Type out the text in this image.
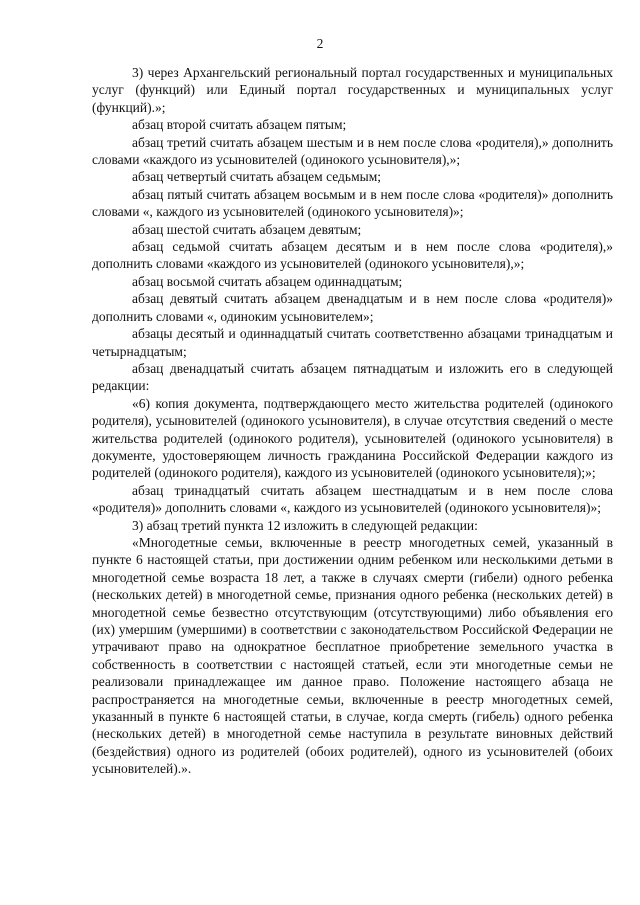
2

3) через Архангельский региональный портал государственных и муниципальных услуг (функций) или Единый портал государственных и муниципальных услуг (функций).»;

абзац второй считать абзацем пятым;

абзац третий считать абзацем шестым и в нем после слова «родителя),» дополнить словами «каждого из усыновителей (одинокого усыновителя),»;

абзац четвертый считать абзацем седьмым;

абзац пятый считать абзацем восьмым и в нем после слова «родителя)» дополнить словами «, каждого из усыновителей (одинокого усыновителя)»;

абзац шестой считать абзацем девятым;

абзац седьмой считать абзацем десятым и в нем после слова «родителя),» дополнить словами «каждого из усыновителей (одинокого усыновителя),»;

абзац восьмой считать абзацем одиннадцатым;

абзац девятый считать абзацем двенадцатым и в нем после слова «родителя)» дополнить словами «, одиноким усыновителем»;

абзацы десятый и одиннадцатый считать соответственно абзацами тринадцатым и четырнадцатым;

абзац двенадцатый считать абзацем пятнадцатым и изложить его в следующей редакции:

«6) копия документа, подтверждающего место жительства родителей (одинокого родителя), усыновителей (одинокого усыновителя), в случае отсутствия сведений о месте жительства родителей (одинокого родителя), усыновителей (одинокого усыновителя) в документе, удостоверяющем личность гражданина Российской Федерации каждого из родителей (одинокого родителя), каждого из усыновителей (одинокого усыновителя);»;

абзац тринадцатый считать абзацем шестнадцатым и в нем после слова «родителя)» дополнить словами «, каждого из усыновителей (одинокого усыновителя)»;

3) абзац третий пункта 12 изложить в следующей редакции:

«Многодетные семьи, включенные в реестр многодетных семей, указанный в пункте 6 настоящей статьи, при достижении одним ребенком или несколькими детьми в многодетной семье возраста 18 лет, а также в случаях смерти (гибели) одного ребенка (нескольких детей) в многодетной семье, признания одного ребенка (нескольких детей) в многодетной семье безвестно отсутствующим (отсутствующими) либо объявления его (их) умершим (умершими) в соответствии с законодательством Российской Федерации не утрачивают право на однократное бесплатное приобретение земельного участка в собственность в соответствии с настоящей статьей, если эти многодетные семьи не реализовали принадлежащее им данное право. Положение настоящего абзаца не распространяется на многодетные семьи, включенные в реестр многодетных семей, указанный в пункте 6 настоящей статьи, в случае, когда смерть (гибель) одного ребенка (нескольких детей) в многодетной семье наступила в результате виновных действий (бездействия) одного из родителей (обоих родителей), одного из усыновителей (обоих усыновителей).».
